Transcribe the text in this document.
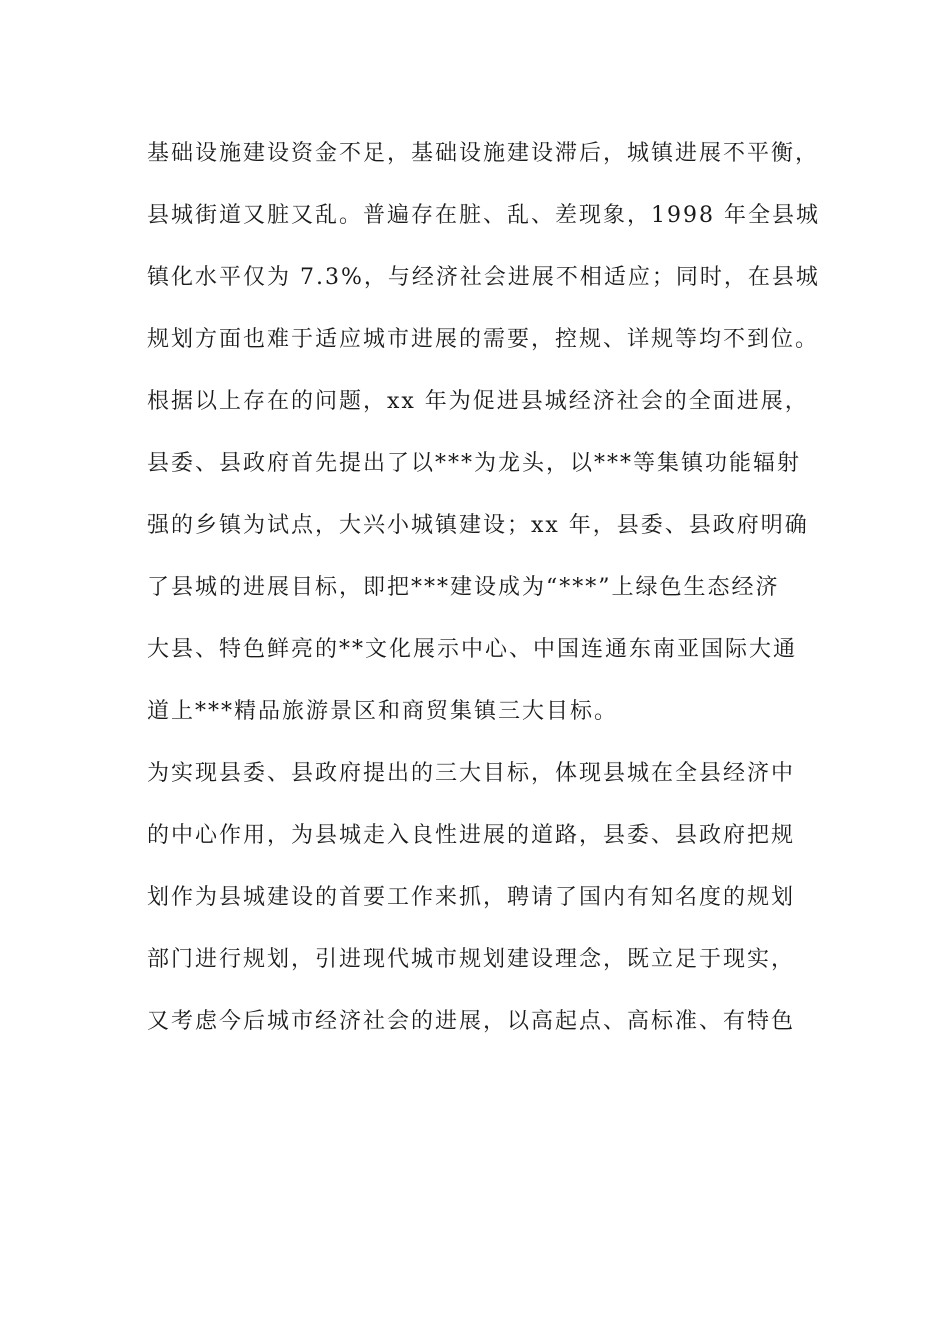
基础设施建设资金不足，基础设施建设滞后，城镇进展不平衡，
县城街道又脏又乱。普遍存在脏、乱、差现象，1998 年全县城
镇化水平仅为 7.3%，与经济社会进展不相适应；同时，在县城
规划方面也难于适应城市进展的需要，控规、详规等均不到位。
根据以上存在的问题，xx 年为促进县城经济社会的全面进展，
县委、县政府首先提出了以***为龙头，以***等集镇功能辐射
强的乡镇为试点，大兴小城镇建设；xx 年，县委、县政府明确
了县城的进展目标，即把***建设成为“***”上绿色生态经济
大县、特色鲜亮的**文化展示中心、中国连通东南亚国际大通
道上***精品旅游景区和商贸集镇三大目标。
为实现县委、县政府提出的三大目标，体现县城在全县经济中
的中心作用，为县城走入良性进展的道路，县委、县政府把规
划作为县城建设的首要工作来抓，聘请了国内有知名度的规划
部门进行规划，引进现代城市规划建设理念，既立足于现实，
又考虑今后城市经济社会的进展，以高起点、高标准、有特色
